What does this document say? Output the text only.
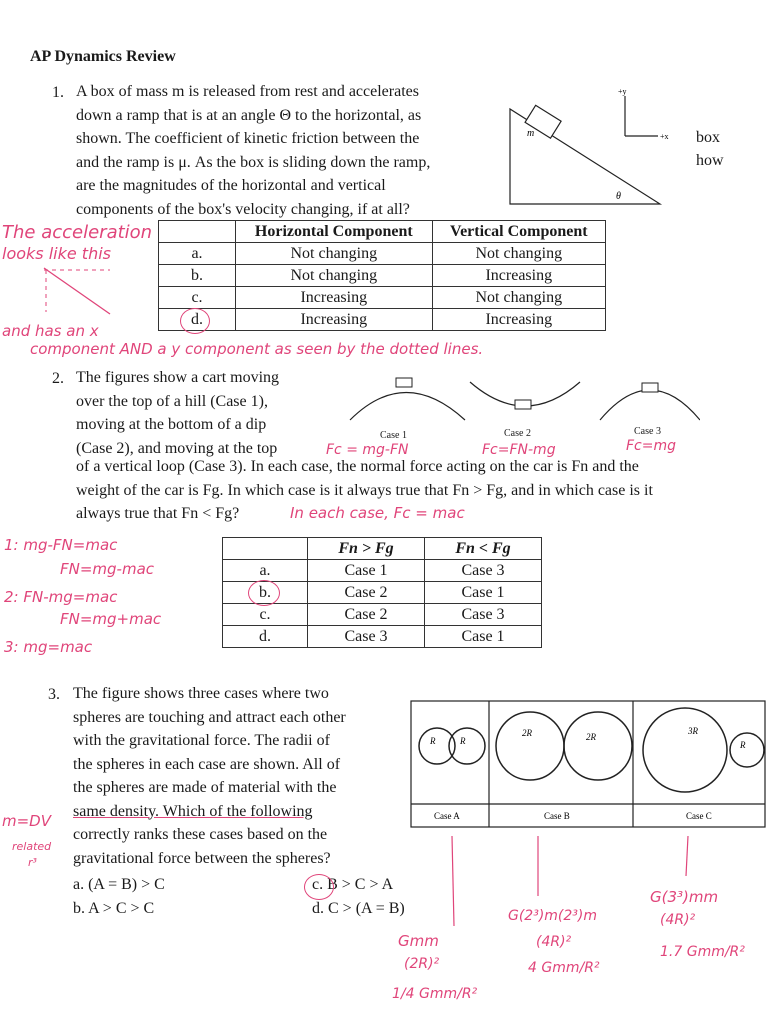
AP Dynamics Review
1. A box of mass m is released from rest and accelerates
down a ramp that is at an angle Θ to the horizontal, as
shown. The coefficient of kinetic friction between the
and the ramp is μ. As the box is sliding down the ramp,
are the magnitudes of the horizontal and vertical
components of the box's velocity changing, if at all?
m
θ
+y
+x box
how
The acceleration
looks like this
and has an x
component AND a y component as seen by the dotted lines.
	Horizontal Component	Vertical Component
a.	Not changing	Not changing
b.	Not changing	Increasing
c.	Increasing	Not changing
d.	Increasing	Increasing
2. The figures show a cart moving
over the top of a hill (Case 1),
moving at the bottom of a dip
(Case 2), and moving at the top
of a vertical loop (Case 3). In each case, the normal force acting on the car is Fn and the
weight of the car is Fg. In which case is it always true that Fn > Fg, and in which case is it
always true that Fn < Fg?
Case 1	Case 2	Case 3
Fc = mg-FN	Fc=FN-mg	Fc=mg
In each case, Fc = mac
1: mg-FN=mac
FN=mg-mac
2: FN-mg=mac
FN=mg+mac
3: mg=mac
	Fn > Fg	Fn < Fg
a.	Case 1	Case 3
b.	Case 2	Case 1
c.	Case 2	Case 3
d.	Case 3	Case 1
3. The figure shows three cases where two
spheres are touching and attract each other
with the gravitational force. The radii of
the spheres in each case are shown. All of
the spheres are made of material with the
same density. Which of the following
correctly ranks these cases based on the
gravitational force between the spheres?
a. (A = B) > C
b. A > C > C
c. B > C > A
d. C > (A = B)
R	R
2R	2R
3R
R
Case A	Case B	Case C
m=DV
related
r³
Gmm
(2R)²
1/4 Gmm/R²
G(2³)m(2³)m
(4R)²
4 Gmm/R²
G(3³)mm
(4R)²
1.7 Gmm/R²
